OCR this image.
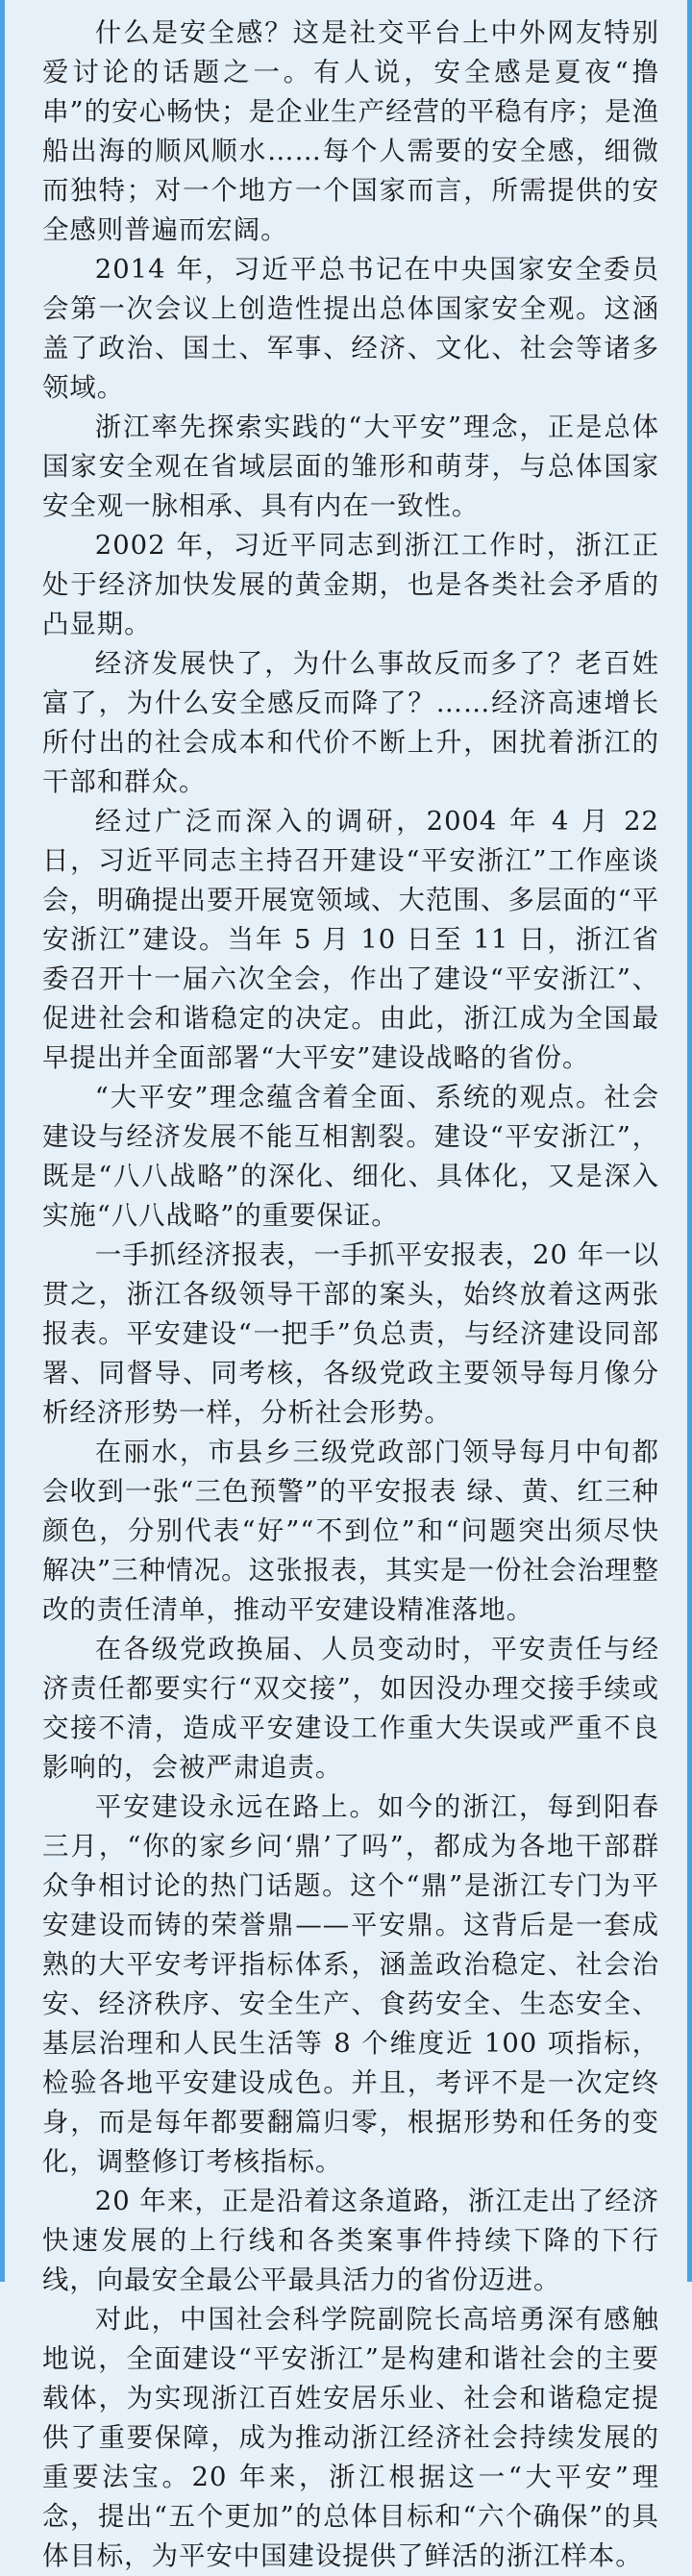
什么是安全感？这是社交平台上中外网友特别爱讨论的话题之一。有人说，安全感是夏夜“撸串”的安心畅快；是企业生产经营的平稳有序；是渔船出海的顺风顺水……每个人需要的安全感，细微而独特；对一个地方一个国家而言，所需提供的安全感则普遍而宏阔。

2014 年，习近平总书记在中央国家安全委员会第一次会议上创造性提出总体国家安全观。这涵盖了政治、国土、军事、经济、文化、社会等诸多领域。

浙江率先探索实践的“大平安”理念，正是总体国家安全观在省域层面的雏形和萌芽，与总体国家安全观一脉相承、具有内在一致性。

2002 年，习近平同志到浙江工作时，浙江正处于经济加快发展的黄金期，也是各类社会矛盾的凸显期。

经济发展快了，为什么事故反而多了？老百姓富了，为什么安全感反而降了？……经济高速增长所付出的社会成本和代价不断上升，困扰着浙江的干部和群众。

经过广泛而深入的调研，2004 年 4 月 22 日，习近平同志主持召开建设“平安浙江”工作座谈会，明确提出要开展宽领域、大范围、多层面的“平安浙江”建设。当年 5 月 10 日至 11 日，浙江省委召开十一届六次全会，作出了建设“平安浙江”、促进社会和谐稳定的决定。由此，浙江成为全国最早提出并全面部署“大平安”建设战略的省份。

“大平安”理念蕴含着全面、系统的观点。社会建设与经济发展不能互相割裂。建设“平安浙江”，既是“八八战略”的深化、细化、具体化，又是深入实施“八八战略”的重要保证。

一手抓经济报表，一手抓平安报表，20 年一以贯之，浙江各级领导干部的案头，始终放着这两张报表。平安建设“一把手”负总责，与经济建设同部署、同督导、同考核，各级党政主要领导每月像分析经济形势一样，分析社会形势。

在丽水，市县乡三级党政部门领导每月中旬都会收到一张“三色预警”的平安报表 绿、黄、红三种颜色，分别代表“好”“不到位”和“问题突出须尽快解决”三种情况。这张报表，其实是一份社会治理整改的责任清单，推动平安建设精准落地。

在各级党政换届、人员变动时，平安责任与经济责任都要实行“双交接”，如因没办理交接手续或交接不清，造成平安建设工作重大失误或严重不良影响的，会被严肃追责。

平安建设永远在路上。如今的浙江，每到阳春三月，“你的家乡问‘鼎’了吗”，都成为各地干部群众争相讨论的热门话题。这个“鼎”是浙江专门为平安建设而铸的荣誉鼎——平安鼎。这背后是一套成熟的大平安考评指标体系，涵盖政治稳定、社会治安、经济秩序、安全生产、食药安全、生态安全、基层治理和人民生活等 8 个维度近 100 项指标，检验各地平安建设成色。并且，考评不是一次定终身，而是每年都要翻篇归零，根据形势和任务的变化，调整修订考核指标。

20 年来，正是沿着这条道路，浙江走出了经济快速发展的上行线和各类案事件持续下降的下行线，向最安全最公平最具活力的省份迈进。

对此，中国社会科学院副院长高培勇深有感触地说，全面建设“平安浙江”是构建和谐社会的主要载体，为实现浙江百姓安居乐业、社会和谐稳定提供了重要保障，成为推动浙江经济社会持续发展的重要法宝。20 年来，浙江根据这一“大平安”理念，提出“五个更加”的总体目标和“六个确保”的具体目标，为平安中国建设提供了鲜活的浙江样本。
